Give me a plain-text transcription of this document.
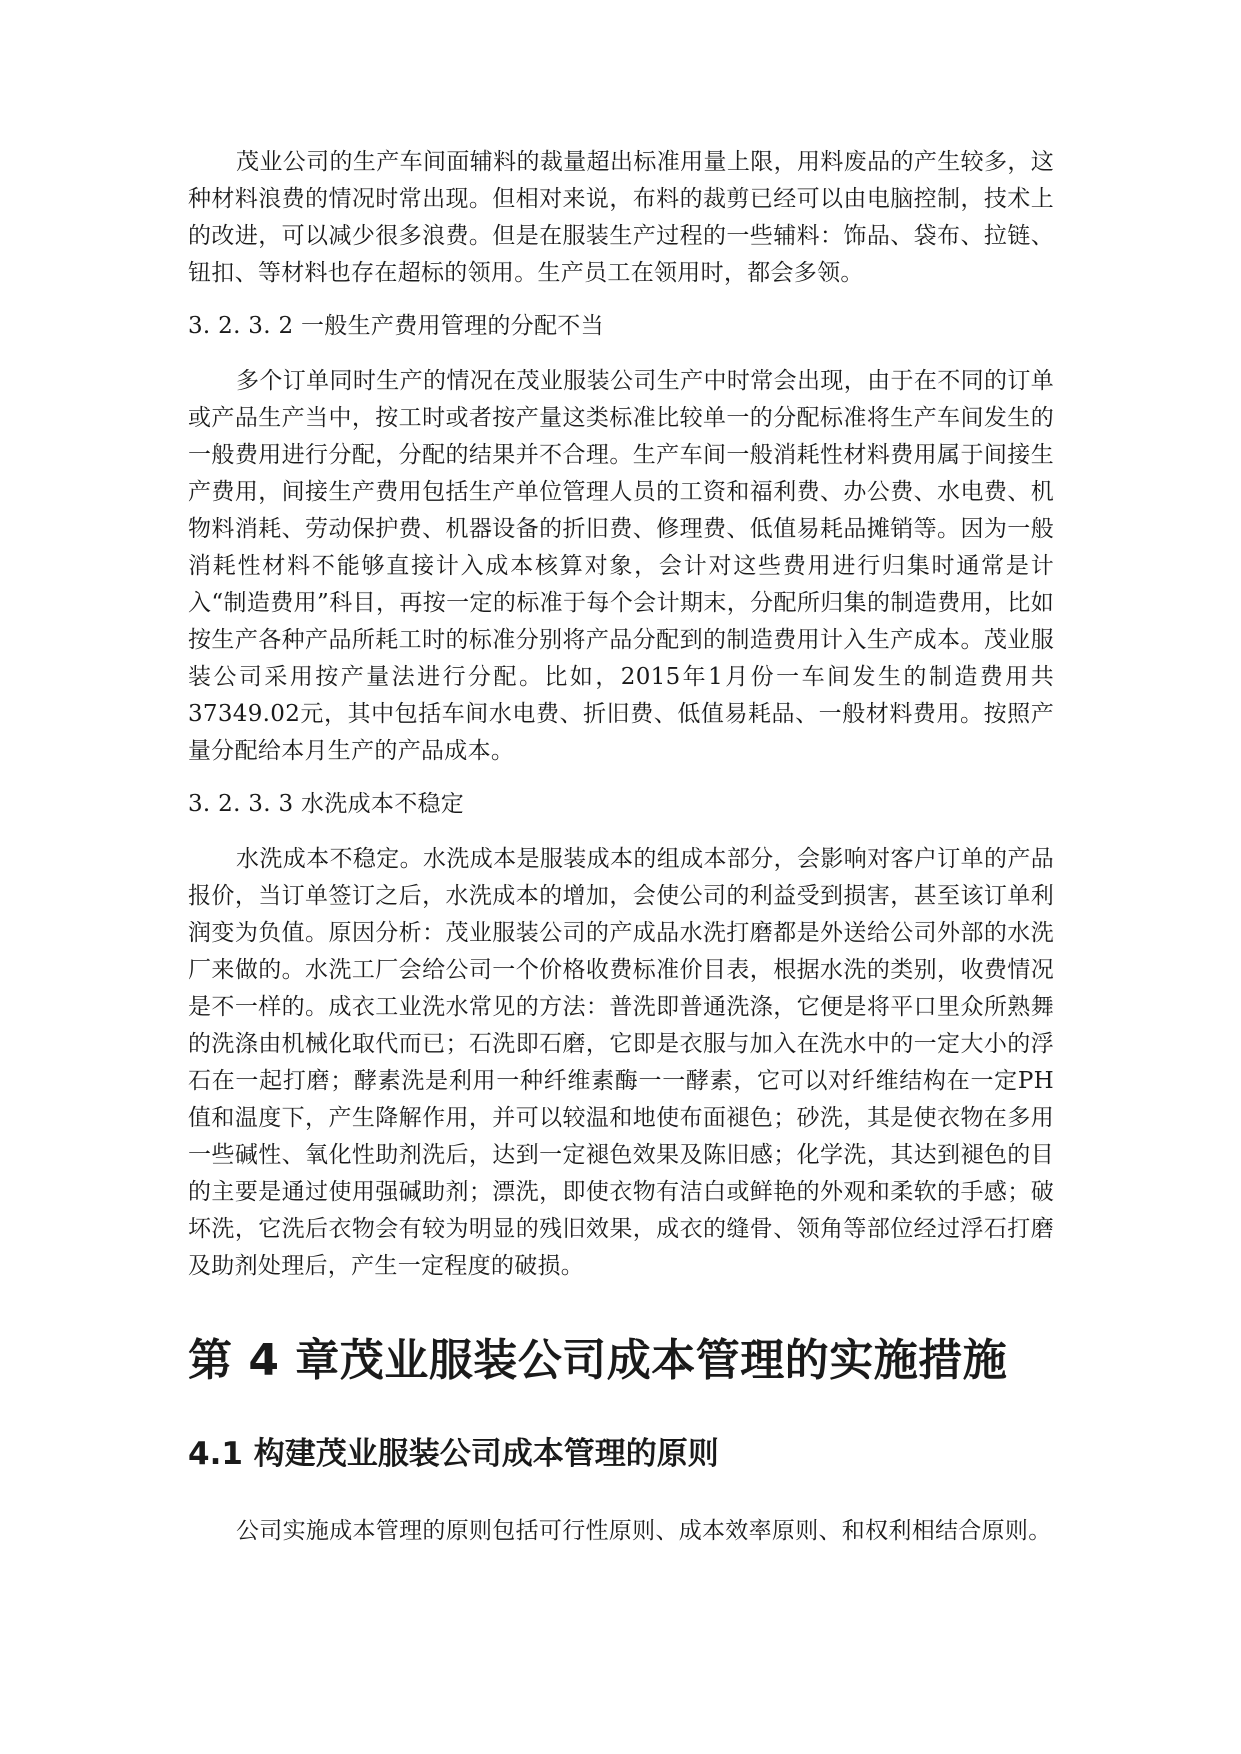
茂业公司的生产车间面辅料的裁量超出标准用量上限，用料废品的产生较多，这种材料浪费的情况时常出现。但相对来说，布料的裁剪已经可以由电脑控制，技术上的改进，可以减少很多浪费。但是在服装生产过程的一些辅料：饰品、袋布、拉链、钮扣、等材料也存在超标的领用。生产员工在领用时，都会多领。

3. 2. 3. 2 一般生产费用管理的分配不当

多个订单同时生产的情况在茂业服装公司生产中时常会出现，由于在不同的订单或产品生产当中，按工时或者按产量这类标准比较单一的分配标准将生产车间发生的一般费用进行分配，分配的结果并不合理。生产车间一般消耗性材料费用属于间接生产费用，间接生产费用包括生产单位管理人员的工资和福利费、办公费、水电费、机物料消耗、劳动保护费、机器设备的折旧费、修理费、低值易耗品摊销等。因为一般消耗性材料不能够直接计入成本核算对象，会计对这些费用进行归集时通常是计入“制造费用”科目，再按一定的标准于每个会计期末，分配所归集的制造费用，比如按生产各种产品所耗工时的标准分别将产品分配到的制造费用计入生产成本。茂业服装公司采用按产量法进行分配。比如，2015年1月份一车间发生的制造费用共37349.02元，其中包括车间水电费、折旧费、低值易耗品、一般材料费用。按照产量分配给本月生产的产品成本。

3. 2. 3. 3 水洗成本不稳定

水洗成本不稳定。水洗成本是服装成本的组成本部分，会影响对客户订单的产品报价，当订单签订之后，水洗成本的增加，会使公司的利益受到损害，甚至该订单利润变为负值。原因分析：茂业服装公司的产成品水洗打磨都是外送给公司外部的水洗厂来做的。水洗工厂会给公司一个价格收费标准价目表，根据水洗的类别，收费情况是不一样的。成衣工业洗水常见的方法：普洗即普通洗涤，它便是将平口里众所熟舞的洗涤由机械化取代而已；石洗即石磨，它即是衣服与加入在洗水中的一定大小的浮石在一起打磨；酵素洗是利用一种纤维素酶一一酵素，它可以对纤维结构在一定PH值和温度下，产生降解作用，并可以较温和地使布面褪色；砂洗，其是使衣物在多用一些碱性、氧化性助剂洗后，达到一定褪色效果及陈旧感；化学洗，其达到褪色的目的主要是通过使用强碱助剂；漂洗，即使衣物有洁白或鲜艳的外观和柔软的手感；破坏洗，它洗后衣物会有较为明显的残旧效果，成衣的缝骨、领角等部位经过浮石打磨及助剂处理后，产生一定程度的破损。

第 4 章茂业服装公司成本管理的实施措施
4.1 构建茂业服装公司成本管理的原则

公司实施成本管理的原则包括可行性原则、成本效率原则、和权利相结合原则。
